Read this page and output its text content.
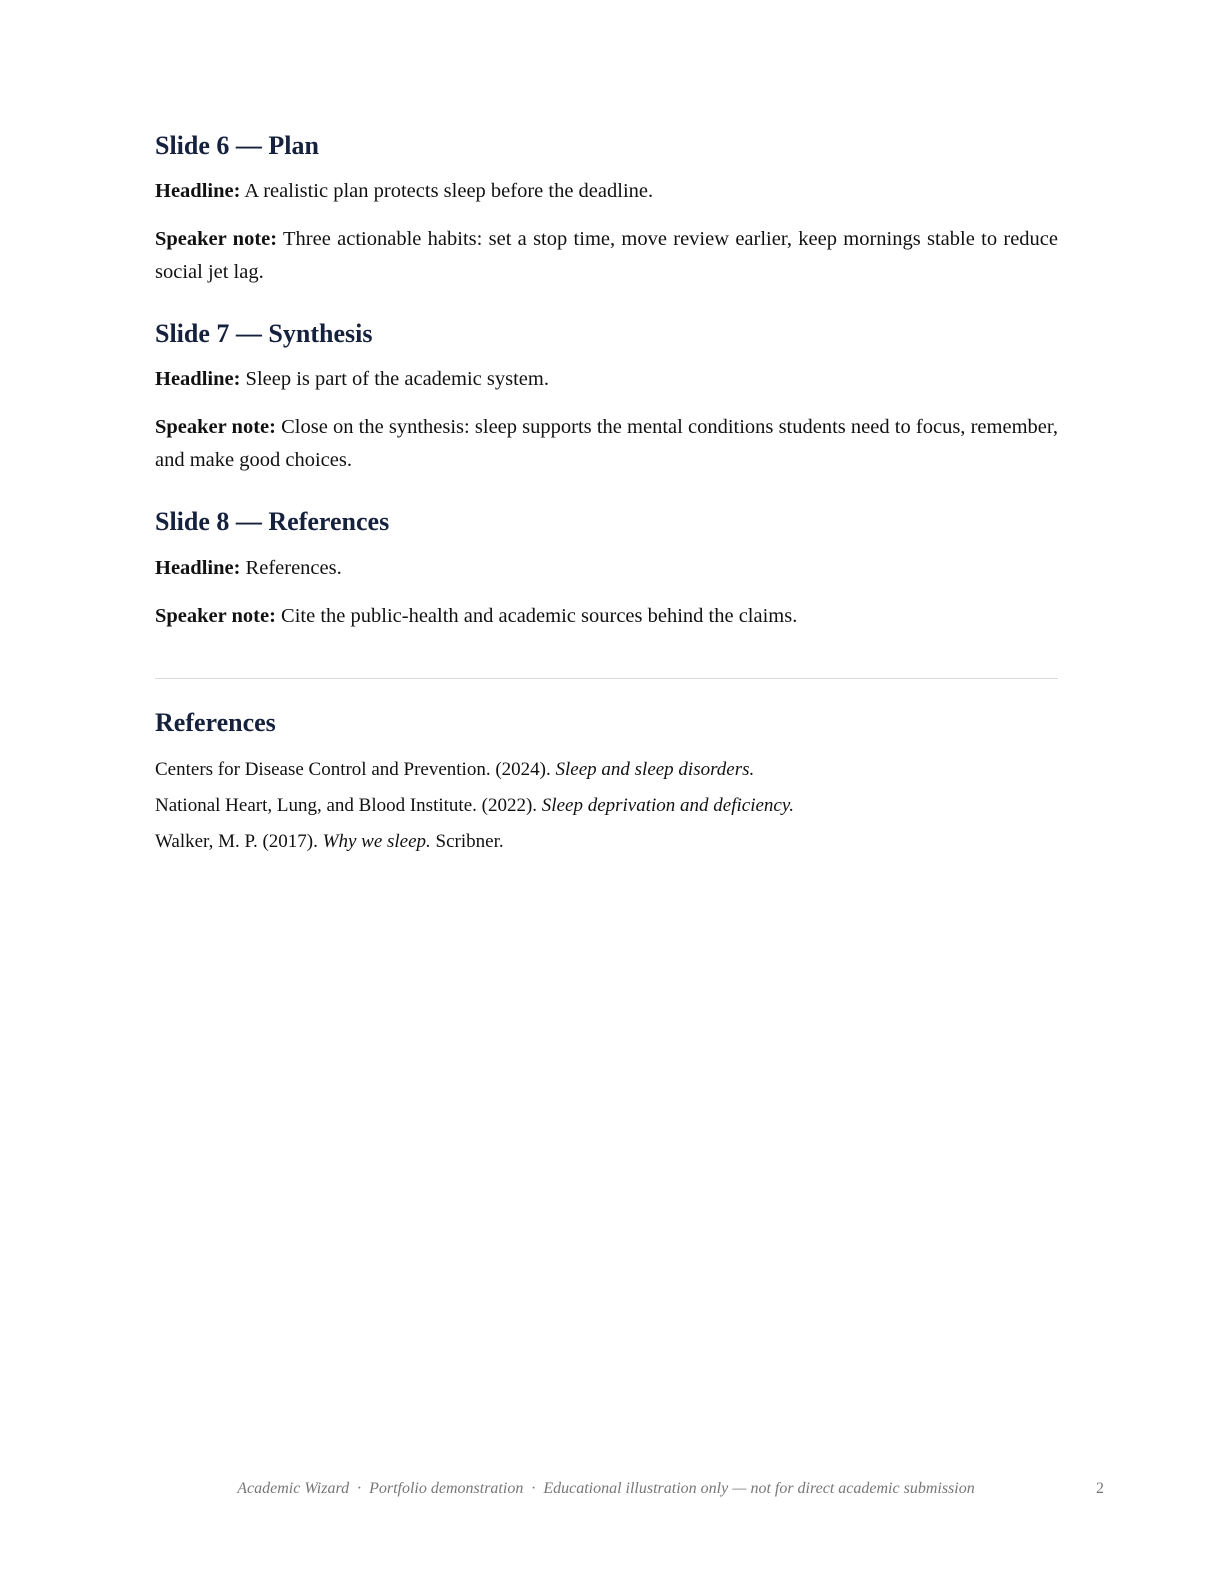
Slide 6 — Plan

Headline: A realistic plan protects sleep before the deadline.

Speaker note: Three actionable habits: set a stop time, move review earlier, keep mornings stable to reduce social jet lag.

Slide 7 — Synthesis

Headline: Sleep is part of the academic system.

Speaker note: Close on the synthesis: sleep supports the mental conditions students need to focus, remember, and make good choices.

Slide 8 — References

Headline: References.

Speaker note: Cite the public-health and academic sources behind the claims.

References
Centers for Disease Control and Prevention. (2024). Sleep and sleep disorders.
National Heart, Lung, and Blood Institute. (2022). Sleep deprivation and deficiency.
Walker, M. P. (2017). Why we sleep. Scribner.
Academic Wizard · Portfolio demonstration · Educational illustration only — not for direct academic submission	2
